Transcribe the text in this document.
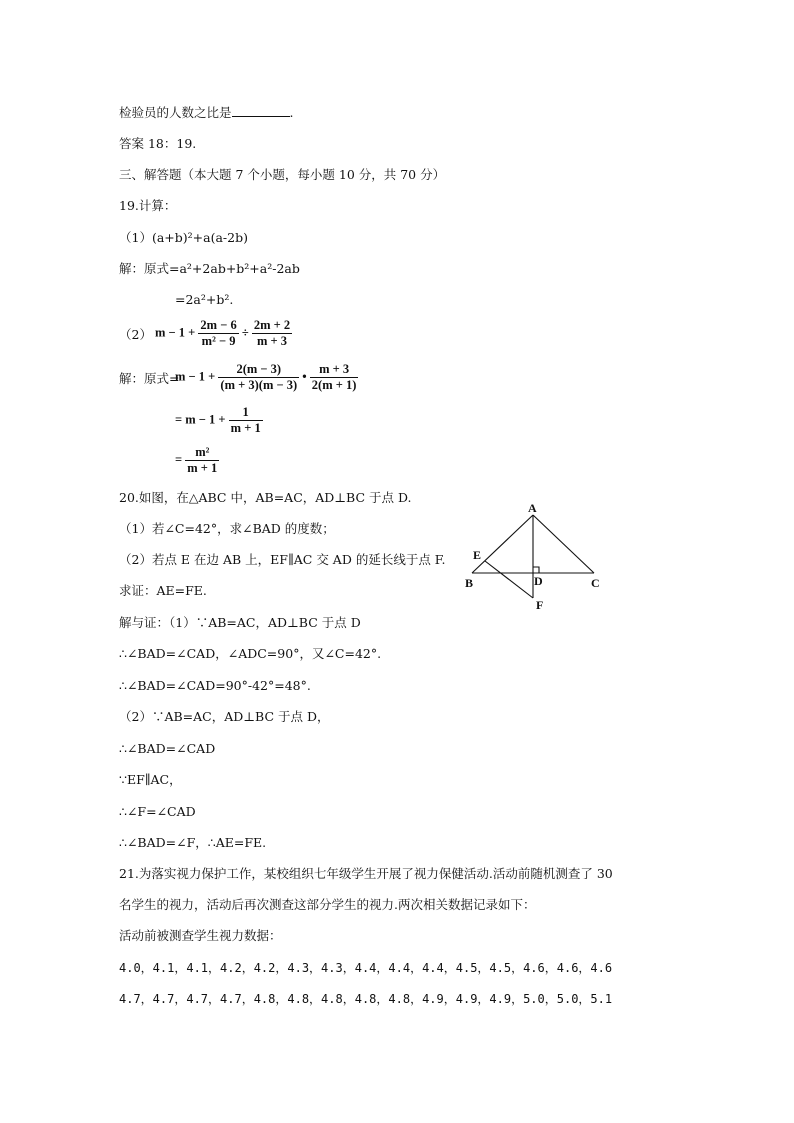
检验员的人数之比是	.
答案 18：19.
三、解答题（本大题 7 个小题，每小题 10 分，共 70 分）
19.计算：
（1）(a+b)²+a(a-2b)
解：原式=a²+2ab+b²+a²-2ab
=2a²+b².
（2） $m - 1 + \frac{2m - 6}{\text{m² − 9}} \div \frac{2m + 2}{m + 3}$
解：原式=
$m - 1 + \frac{2(m - 3)}{(m + 3)(m - 3)}$ • $\frac{m + 3}{2(m + 1)}$
= $m - 1 + \frac{1}{m + 1}$
= $\frac{\text{m²}}{m + 1}$
20.如图，在△ABC 中，AB=AC，AD⊥BC 于点 D.
（1）若∠C=42°，求∠BAD 的度数；
（2）若点 E 在边 AB 上，EF∥AC 交 AD 的延长线于点 F.
求证：AE=FE.
解与证：（1）∵AB=AC，AD⊥BC 于点 D
∴∠BAD=∠CAD，∠ADC=90°，又∠C=42°.
∴∠BAD=∠CAD=90°-42°=48°.
（2）∵AB=AC，AD⊥BC 于点 D，
∴∠BAD=∠CAD
∵EF∥AC，
∴∠F=∠CAD
∴∠BAD=∠F，∴AE=FE.
21.为落实视力保护工作，某校组织七年级学生开展了视力保健活动.活动前随机测查了 30
名学生的视力，活动后再次测查这部分学生的视力.两次相关数据记录如下：
活动前被测查学生视力数据：
4.0，4.1，4.1，4.2，4.2，4.3，4.3，4.4，4.4，4.4，4.5，4.5，4.6，4.6，4.6
4.7，4.7，4.7，4.7，4.8，4.8，4.8，4.8，4.8，4.9，4.9，4.9，5.0，5.0，5.1
A
B	C
D
E
F
